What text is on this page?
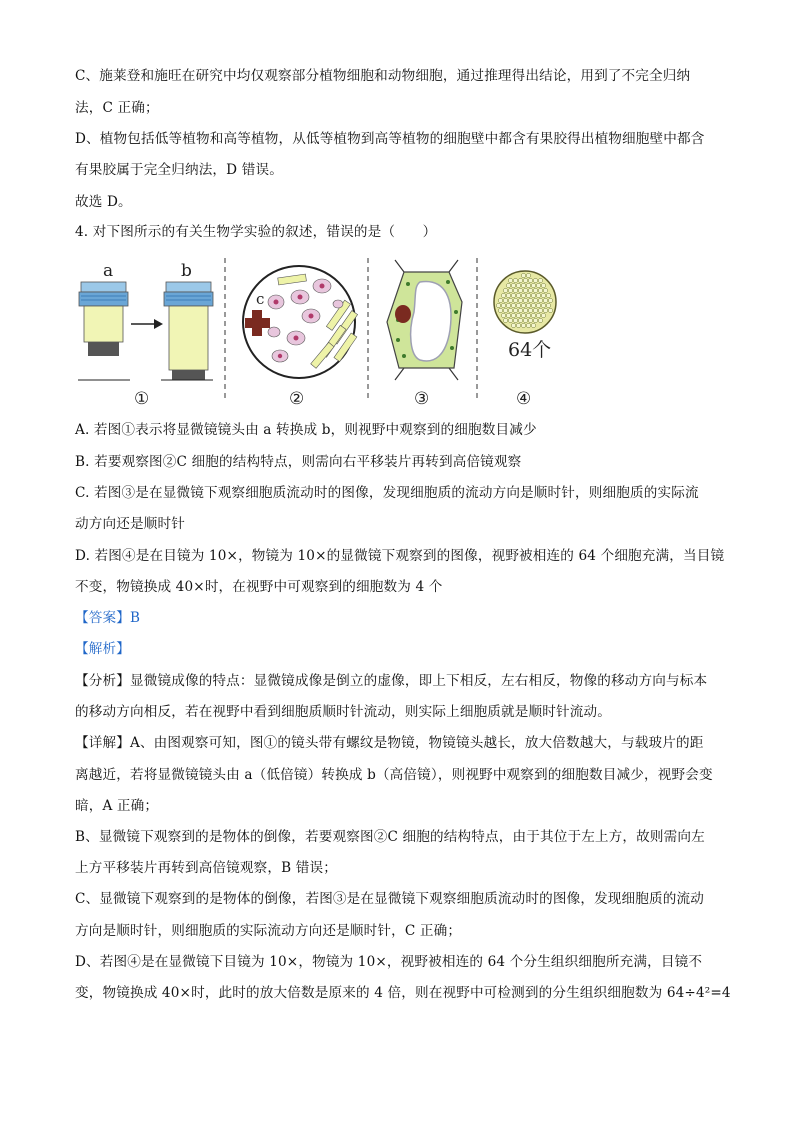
C、施莱登和施旺在研究中均仅观察部分植物细胞和动物细胞，通过推理得出结论，用到了不完全归纳
法，C 正确；
D、植物包括低等植物和高等植物，从低等植物到高等植物的细胞壁中都含有果胶得出植物细胞壁中都含
有果胶属于完全归纳法，D 错误。
故选 D。
4. 对下图所示的有关生物学实验的叙述，错误的是（　　）
a	b
①
c
②	③
64个
④
A. 若图①表示将显微镜镜头由 a 转换成 b，则视野中观察到的细胞数目减少
B. 若要观察图②C 细胞的结构特点，则需向右平移装片再转到高倍镜观察
C. 若图③是在显微镜下观察细胞质流动时的图像，发现细胞质的流动方向是顺时针，则细胞质的实际流
动方向还是顺时针
D. 若图④是在目镜为 10×，物镜为 10×的显微镜下观察到的图像，视野被相连的 64 个细胞充满，当目镜
不变，物镜换成 40×时，在视野中可观察到的细胞数为 4 个
【答案】B
【解析】
【分析】显微镜成像的特点：显微镜成像是倒立的虚像，即上下相反，左右相反，物像的移动方向与标本
的移动方向相反，若在视野中看到细胞质顺时针流动，则实际上细胞质就是顺时针流动。
【详解】A、由图观察可知，图①的镜头带有螺纹是物镜，物镜镜头越长，放大倍数越大，与载玻片的距
离越近，若将显微镜镜头由 a（低倍镜）转换成 b（高倍镜），则视野中观察到的细胞数目减少，视野会变
暗，A 正确；
B、显微镜下观察到的是物体的倒像，若要观察图②C 细胞的结构特点，由于其位于左上方，故则需向左
上方平移装片再转到高倍镜观察，B 错误；
C、显微镜下观察到的是物体的倒像，若图③是在显微镜下观察细胞质流动时的图像，发现细胞质的流动
方向是顺时针，则细胞质的实际流动方向还是顺时针，C 正确；
D、若图④是在显微镜下目镜为 10×，物镜为 10×，视野被相连的 64 个分生组织细胞所充满，目镜不
变，物镜换成 40×时，此时的放大倍数是原来的 4 倍，则在视野中可检测到的分生组织细胞数为 64÷4²=4
